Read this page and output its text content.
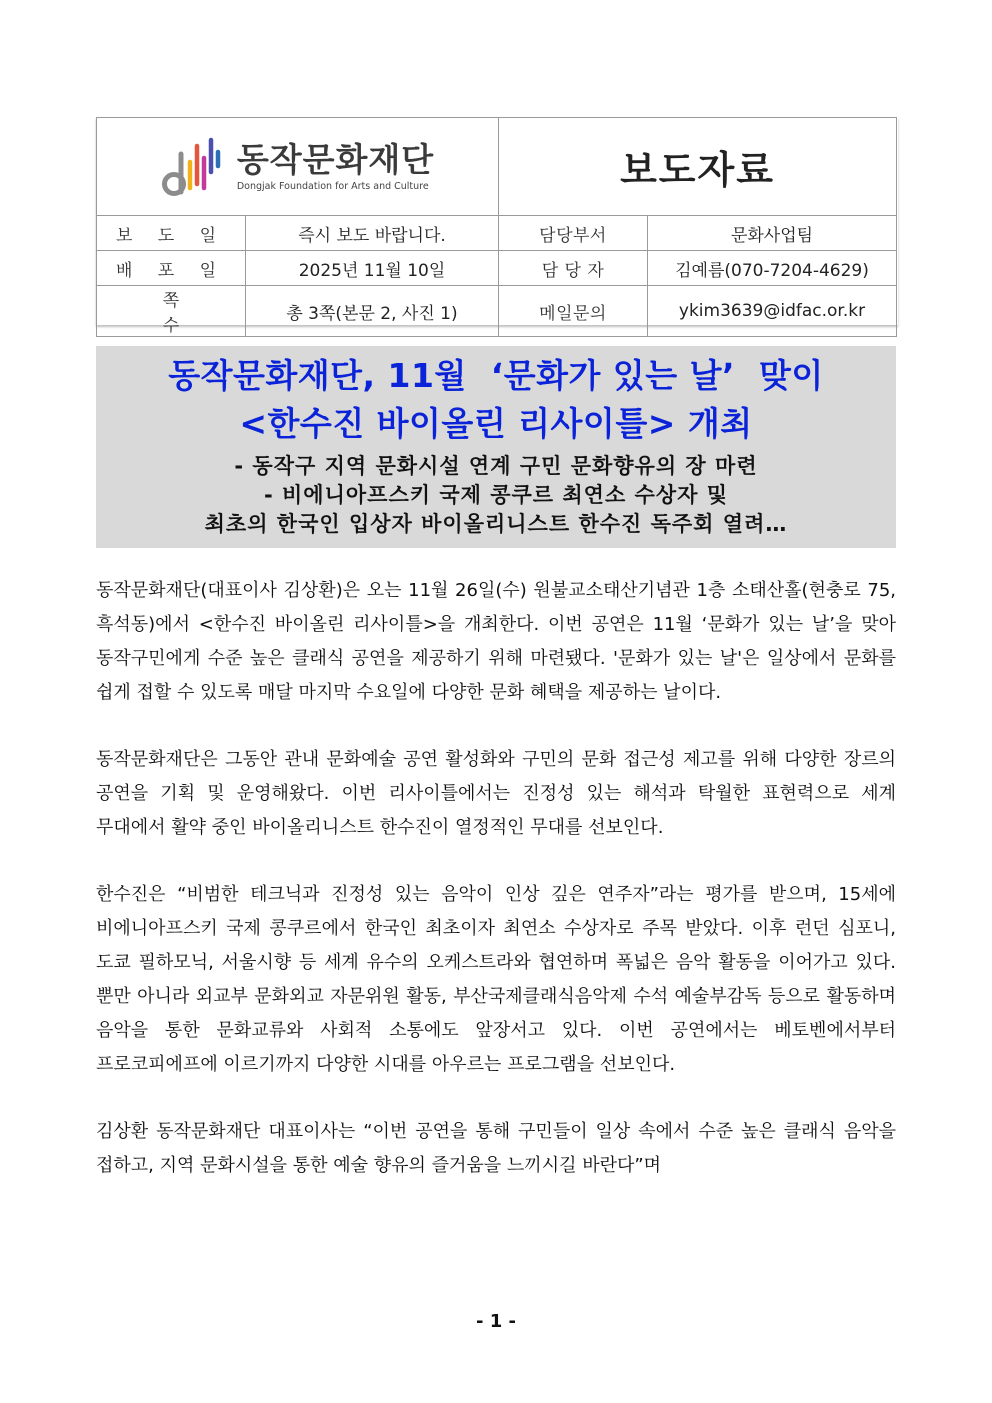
동작문화재단
Dongjak Foundation for Arts and Culture		보도자료	
보 도 일	즉시 보도 바랍니다.	담당부서	문화사업팀
배 포 일	2025년 11월 10일	담 당 자	김예름(070-7204-4629)
쪽 수	총 3쪽(본문 2, 사진 1)	메일문의	ykim3639@idfac.or.kr
동작문화재단, 11월  ‘문화가 있는 날’  맞이
<한수진 바이올린 리사이틀> 개최
- 동작구 지역 문화시설 연계 구민 문화향유의 장 마련
- 비에니아프스키 국제 콩쿠르 최연소 수상자 및
최초의 한국인 입상자 바이올리니스트 한수진 독주회 열려…

동작문화재단(대표이사 김상환)은 오는 11월 26일(수) 원불교소태산기념관 1층 소태산홀(현충로 75, 흑석동)에서 <한수진 바이올린 리사이틀>을 개최한다. 이번 공연은 11월 ‘문화가 있는 날’을 맞아 동작구민에게 수준 높은 클래식 공연을 제공하기 위해 마련됐다. '문화가 있는 날'은 일상에서 문화를 쉽게 접할 수 있도록 매달 마지막 수요일에 다양한 문화 혜택을 제공하는 날이다.

동작문화재단은 그동안 관내 문화예술 공연 활성화와 구민의 문화 접근성 제고를 위해 다양한 장르의 공연을 기획 및 운영해왔다. 이번 리사이틀에서는 진정성 있는 해석과 탁월한 표현력으로 세계 무대에서 활약 중인 바이올리니스트 한수진이 열정적인 무대를 선보인다.

한수진은 “비범한 테크닉과 진정성 있는 음악이 인상 깊은 연주자”라는 평가를 받으며, 15세에 비에니아프스키 국제 콩쿠르에서 한국인 최초이자 최연소 수상자로 주목 받았다. 이후 런던 심포니, 도쿄 필하모닉, 서울시향 등 세계 유수의 오케스트라와 협연하며 폭넓은 음악 활동을 이어가고 있다. 뿐만 아니라 외교부 문화외교 자문위원 활동, 부산국제클래식음악제 수석 예술부감독 등으로 활동하며 음악을 통한 문화교류와 사회적 소통에도 앞장서고 있다. 이번 공연에서는 베토벤에서부터 프로코피에프에 이르기까지 다양한 시대를 아우르는 프로그램을 선보인다.

김상환 동작문화재단 대표이사는 “이번 공연을 통해 구민들이 일상 속에서 수준 높은 클래식 음악을 접하고, 지역 문화시설을 통한 예술 향유의 즐거움을 느끼시길 바란다”며

- 1 -
